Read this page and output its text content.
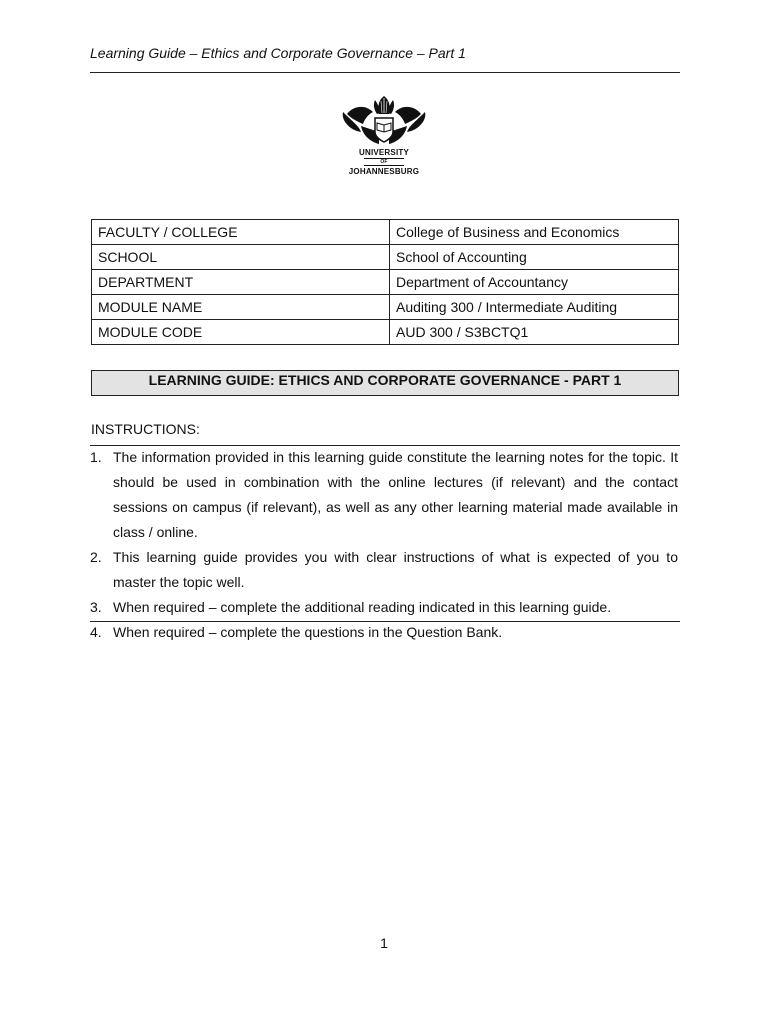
Learning Guide – Ethics and Corporate Governance – Part 1
UNIVERSITY
OF
JOHANNESBURG
FACULTY / COLLEGE	College of Business and Economics
SCHOOL	School of Accounting
DEPARTMENT	Department of Accountancy
MODULE NAME	Auditing 300 / Intermediate Auditing
MODULE CODE	AUD 300 / S3BCTQ1
LEARNING GUIDE: ETHICS AND CORPORATE GOVERNANCE - PART 1
INSTRUCTIONS:
1. The information provided in this learning guide constitute the learning notes for the topic. It should be used in combination with the online lectures (if relevant) and the contact sessions on campus (if relevant), as well as any other learning material made available in class / online.
2. This learning guide provides you with clear instructions of what is expected of you to master the topic well.
3. When required – complete the additional reading indicated in this learning guide.
4. When required – complete the questions in the Question Bank.
1
